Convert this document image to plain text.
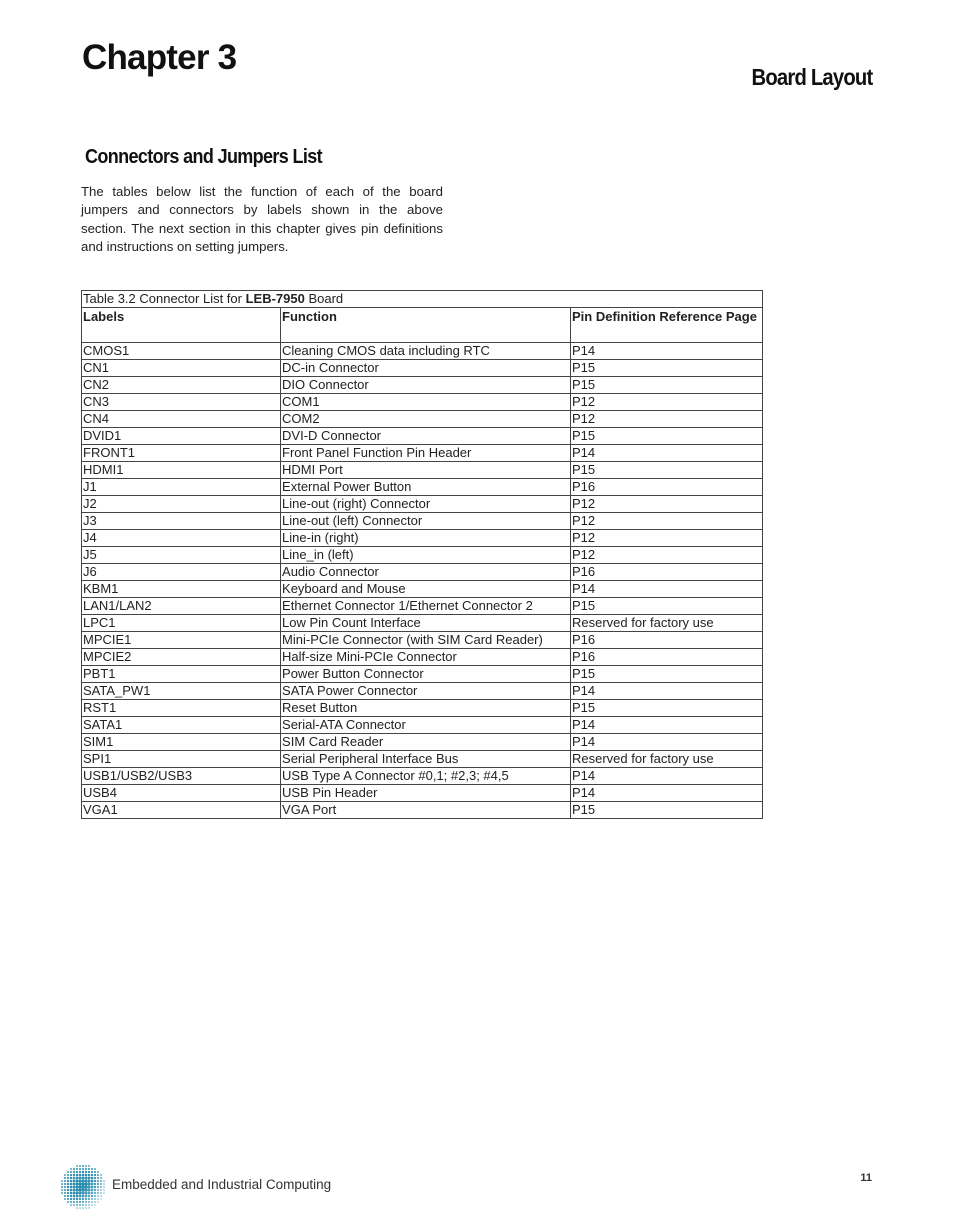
Chapter 3	Board Layout
Connectors and Jumpers List

The tables below list the function of each of the board jumpers and connectors by labels shown in the above section. The next section in this chapter gives pin definitions and instructions on setting jumpers.

Table 3.2 Connector List for LEB-7950 Board		
Labels	Function	Pin Definition Reference Page
CMOS1	Cleaning CMOS data including RTC	P14
CN1	DC-in Connector	P15
CN2	DIO Connector	P15
CN3	COM1	P12
CN4	COM2	P12
DVID1	DVI-D Connector	P15
FRONT1	Front Panel Function Pin Header	P14
HDMI1	HDMI Port	P15
J1	External Power Button	P16
J2	Line-out (right) Connector	P12
J3	Line-out (left) Connector	P12
J4	Line-in (right)	P12
J5	Line_in (left)	P12
J6	Audio Connector	P16
KBM1	Keyboard and Mouse	P14
LAN1/LAN2	Ethernet Connector 1/Ethernet Connector 2	P15
LPC1	Low Pin Count Interface	Reserved for factory use
MPCIE1	Mini-PCIe Connector (with SIM Card Reader)	P16
MPCIE2	Half-size Mini-PCIe Connector	P16
PBT1	Power Button Connector	P15
SATA_PW1	SATA Power Connector	P14
RST1	Reset Button	P15
SATA1	Serial-ATA Connector	P14
SIM1	SIM Card Reader	P14
SPI1	Serial Peripheral Interface Bus	Reserved for factory use
USB1/USB2/USB3	USB Type A Connector #0,1; #2,3; #4,5	P14
USB4	USB Pin Header	P14
VGA1	VGA Port	P15

Embedded and Industrial Computing	11
